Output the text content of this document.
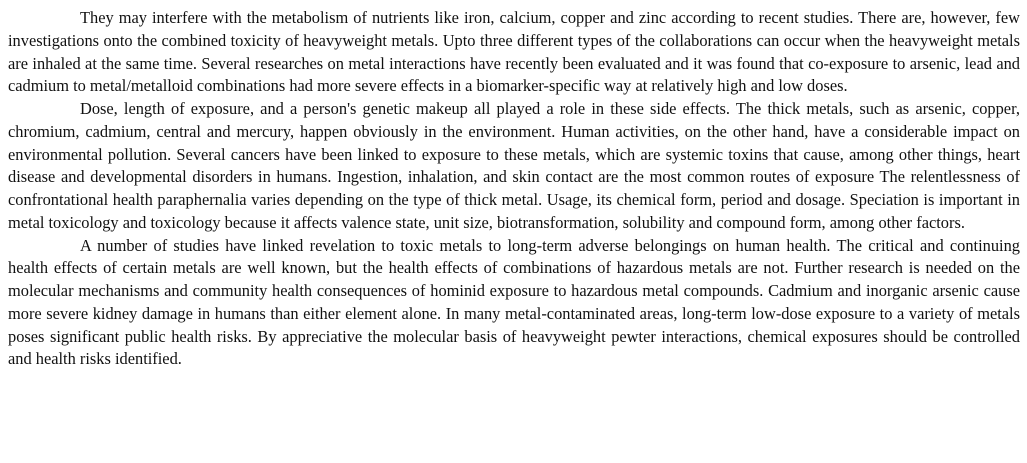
They may interfere with the metabolism of nutrients like iron, calcium, copper and zinc according to recent studies. There are, however, few investigations onto the combined toxicity of heavyweight metals. Upto three different types of the collaborations can occur when the heavyweight metals are inhaled at the same time. Several researches on metal interactions have recently been evaluated and it was found that co-exposure to arsenic, lead and cadmium to metal/metalloid combinations had more severe effects in a biomarker-specific way at relatively high and low doses.

Dose, length of exposure, and a person's genetic makeup all played a role in these side effects. The thick metals, such as arsenic, copper, chromium, cadmium, central and mercury, happen obviously in the environment. Human activities, on the other hand, have a considerable impact on environmental pollution. Several cancers have been linked to exposure to these metals, which are systemic toxins that cause, among other things, heart disease and developmental disorders in humans. Ingestion, inhalation, and skin contact are the most common routes of exposure The relentlessness of confrontational health paraphernalia varies depending on the type of thick metal. Usage, its chemical form, period and dosage. Speciation is important in metal toxicology and toxicology because it affects valence state, unit size, biotransformation, solubility and compound form, among other factors.

A number of studies have linked revelation to toxic metals to long-term adverse belongings on human health. The critical and continuing health effects of certain metals are well known, but the health effects of combinations of hazardous metals are not. Further research is needed on the molecular mechanisms and community health consequences of hominid exposure to hazardous metal compounds. Cadmium and inorganic arsenic cause more severe kidney damage in humans than either element alone. In many metal-contaminated areas, long-term low-dose exposure to a variety of metals poses significant public health risks. By appreciative the molecular basis of heavyweight pewter interactions, chemical exposures should be controlled and health risks identified.
